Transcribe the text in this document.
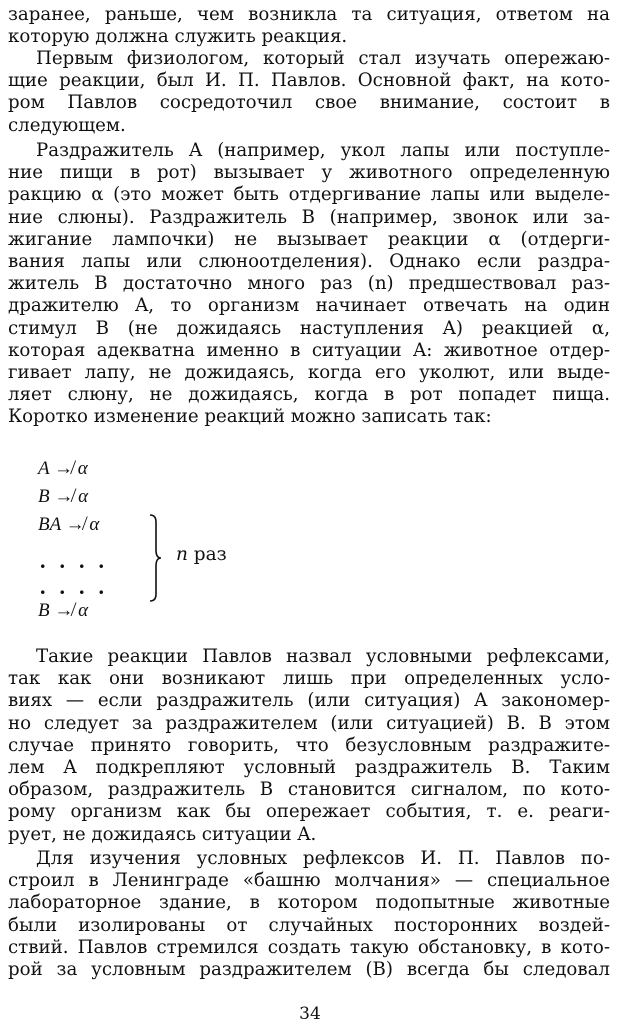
заранее, раньше, чем возникла та ситуация, ответом на
которую должна служить реакция.

Первым физиологом, который стал изучать опережаю-
щие реакции, был И. П. Павлов. Основной факт, на кото-
ром Павлов сосредоточил свое внимание, состоит в
следующем.

Раздражитель A (например, укол лапы или поступле-
ние пищи в рот) вызывает у животного определенную
ракцию α (это может быть отдергивание лапы или выделе-
ние слюны). Раздражитель B (например, звонок или за-
жигание лампочки) не вызывает реакции α (отдерги-
вания лапы или слюноотделения). Однако если раздра-
житель B достаточно много раз (n) предшествовал раз-
дражителю A, то организм начинает отвечать на один
стимул B (не дожидаясь наступления A) реакцией α,
которая адекватна именно в ситуации A: животное отдер-
гивает лапу, не дожидаясь, когда его уколют, или выде-
ляет слюну, не дожидаясь, когда в рот попадет пища.
Коротко изменение реакций можно записать так:

A ↛ α
B ↛ α
BA ↛ α
....
....
B ↛ α
n раз

Такие реакции Павлов назвал условными рефлексами,
так как они возникают лишь при определенных усло-
виях — если раздражитель (или ситуация) A закономер-
но следует за раздражителем (или ситуацией) B. В этом
случае принято говорить, что безусловным раздражите-
лем A подкрепляют условный раздражитель B. Таким
образом, раздражитель B становится сигналом, по кото-
рому организм как бы опережает события, т. е. реаги-
рует, не дожидаясь ситуации A.

Для изучения условных рефлексов И. П. Павлов по-
строил в Ленинграде «башню молчания» — специальное
лабораторное здание, в котором подопытные животные
были изолированы от случайных посторонних воздей-
ствий. Павлов стремился создать такую обстановку, в кото-
рой за условным раздражителем (B) всегда бы следовал

34
